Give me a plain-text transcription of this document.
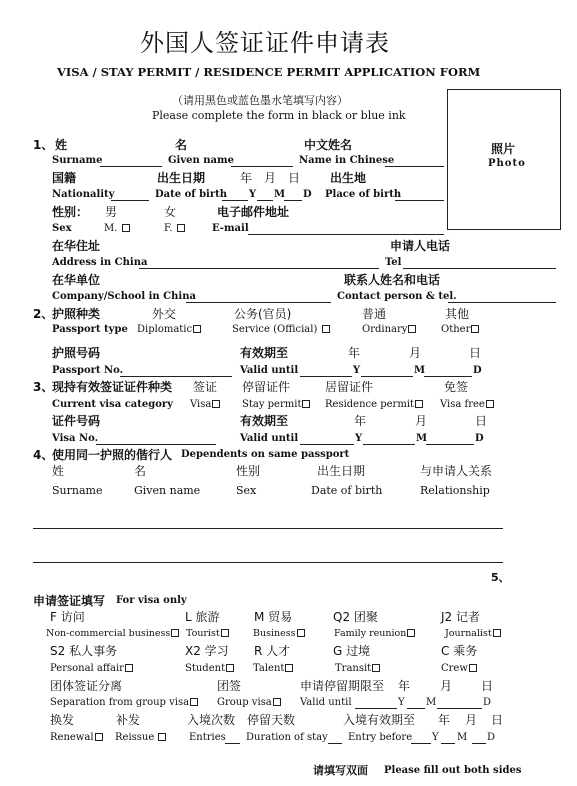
外国人签证证件申请表
VISA / STAY PERMIT / RESIDENCE PERMIT APPLICATION FORM
（请用黑色或蓝色墨水笔填写内容）
Please complete the form in black or blue ink
照片
Photo
1、 姓	名	中文姓名
Surname	Given name	Name in Chinese
国籍	出生日期	年　月　日 出生地
Nationality	Date of birth Y M D Place of birth
性别： 男	女	电子邮件地址
Sex	M.	F.	E-mail
在华住址	申请人电话
Address in China	Tel
在华单位	联系人姓名和电话
Company/School in China	Contact person & tel.
2、
护照种类	外交	公务(官员)	普通	其他
Passport type Diplomatic	Service (Official)	Ordinary	Other
护照号码	有效期至	年	月	日
Passport No.	Valid until	Y	M	D
3、
现持有效签证证件种类 签证 停留证件	居留证件	免签
Current visa category Visa	Stay permit	Residence permit	Visa free
证件号码	有效期至	年	月	日
Visa No.	Valid until	Y	M	D
4、
使用同一护照的偕行人 Dependents on same passport
姓	名	性别	出生日期	与申请人关系
Surname	Given name	Sex	Date of birth	Relationship
5、
申请签证填写 For visa only
F 访问	L 旅游	M 贸易	Q2 团聚	J2 记者
Non-commercial business	Tourist	Business	Family reunion	Journalist
S2 私人事务	X2 学习 R 人才	G 过境	C 乘务
Personal affair	Student	Talent	Transit	Crew
团体签证分离	团签	申请停留期限至 年 月 日
Separation from group visa	Group visa	Valid until	Y M	D
换发	补发	入境次数 停留天数	入境有效期至 年 月 日
Renewal	Reissue	Entries Duration of stay Entry before Y M D
请填写双面 Please fill out both sides
